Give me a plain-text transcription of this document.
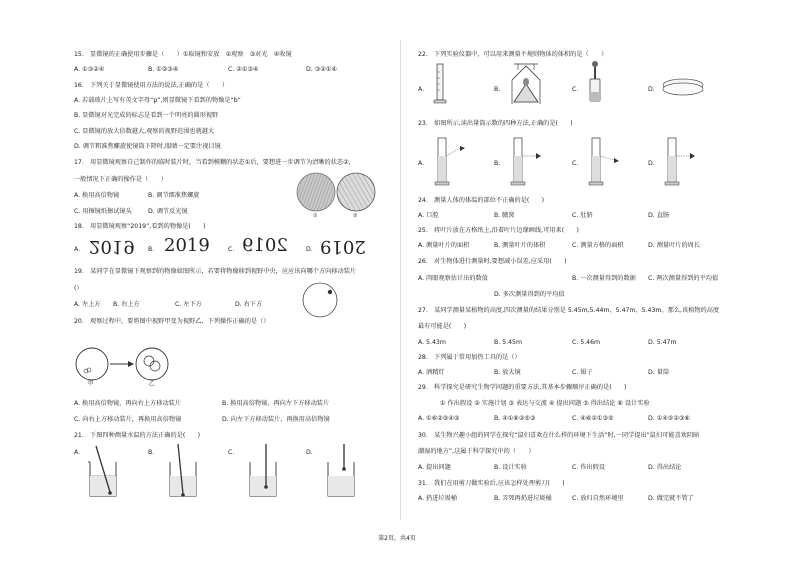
15.　显微镜的正确使用步骤是（　　）①取镜和安放　②观察　③对光　④收镜
A. ①③②④	B. ①②③④	C. ②①③④	D. ③②①④
16.　下列关于显微镜使用方法的说法,正确的是（　　）
A. 若载玻片上写有英文字母“p”,则显微镜下看到的物像是“b”
B. 显微镜对光完成的标志是看到一个明亮的圆形视野
C. 显微镜的放大倍数越大,观察的视野范围也就越大
D. 调节粗准焦螺旋使镜筒下降时,眼睛一定要注视目镜
17.　用显微镜观察自己制作的临时装片时，当看到模糊的状态①后，要想进一步调节为清晰的状态②，
一般情况下正确的操作是（　　）
A. 换用高倍物镜	B. 调节细准焦螺旋
C. 用擦镜纸擦试镜头	D. 调节反光镜
①	②
18.　用显微镜观察“2019”,看到的物像是(　　)
A. 2019 B. 2019	C. 2019	D. 2019
19.　某同学在显微镜下观察到的物像如图所示，若要将物像移到视野中央，应应该向哪个方向移动装片
(）
A. 左上方 B. 右上方	C. 左下方	D. 右下方
20.　观察过程中，要将图中视野甲变为视野乙，下列操作正确的是（）
甲	乙
A. 换用高倍物镜，再向右上方移动装片	B. 换用高倍物镜，再向左下方移动装片
C. 向右上方移动装片，再换用高倍物镜	D. 向左下方移动装片，再换用高倍物镜
21.　下图四种测量水温的方法正确的是(　　)
A.	B.	C.	D.
22.　下列实验仪器中，可以用来测量不规则物体的体积的是（　　）
A.	B.	C.	D.
23.　如图所示,读出量筒示数的四种方法,正确的是(　　)
A.	B.	C.	D.
24.　测量人体的体温的部位不正确的是(　　)
A. 口腔	B. 腋窝	C. 肚脐	D. 直肠
25.　将叶片放在方格纸上,沿着叶片边缘画线,可用来(　　)
A. 测量叶片的面积	B. 测量叶片的体积	C. 测量方格的面积	D. 测量叶片的周长
26.　对生物体进行测量时,要想减小误差,应采用(　　)
A. 肉眼观察估计出的数值	B. 一次测量得到的数据 C. 两次测量得到的平均值
D. 多次测量得到的平均值
27.　某同学测量某植物的高度,四次测量的结果分别是 5.45m,5.44m、5.47m、5.43m。那么,该植物的高度
最有可能是(　　)
A. 5.43m	B. 5.45m	C. 5.46m	D. 5.47m
28.　下列属于常用加热工具的是（）
A. 酒精灯	B. 放大镜	C. 镊子	D. 量筒
29.　科学探究是研究生物学问题的重要方法,其基本步骤顺序正确的是(　　)
① 作出假设 ② 实施计划 ③ 表达与交流 ④ 提出问题 ⑤ 得出结论 ⑥ 设计实验
A. ①⑥②⑤④③	B. ④①⑥②⑤③	C. ④⑥②①③⑤	D. ①④⑤②③⑥
30.　某生物兴趣小组的同学在探究“鼠妇喜欢在什么样的环境下生活”时,一同学提出“鼠妇可能喜欢阴暗
潮湿的地方”,这属于科学探究中的（　　）
A. 提出问题	B. 设计实验	C. 作出假设	D. 得出结论
31.　我们在用剪刀做实验后,应该怎样处理剪刀(　　)
A. 扔进垃圾桶	B. 弄死再扔进垃圾桶	C. 放归自然环境里	D. 做完就不管了
第2页，共4页
